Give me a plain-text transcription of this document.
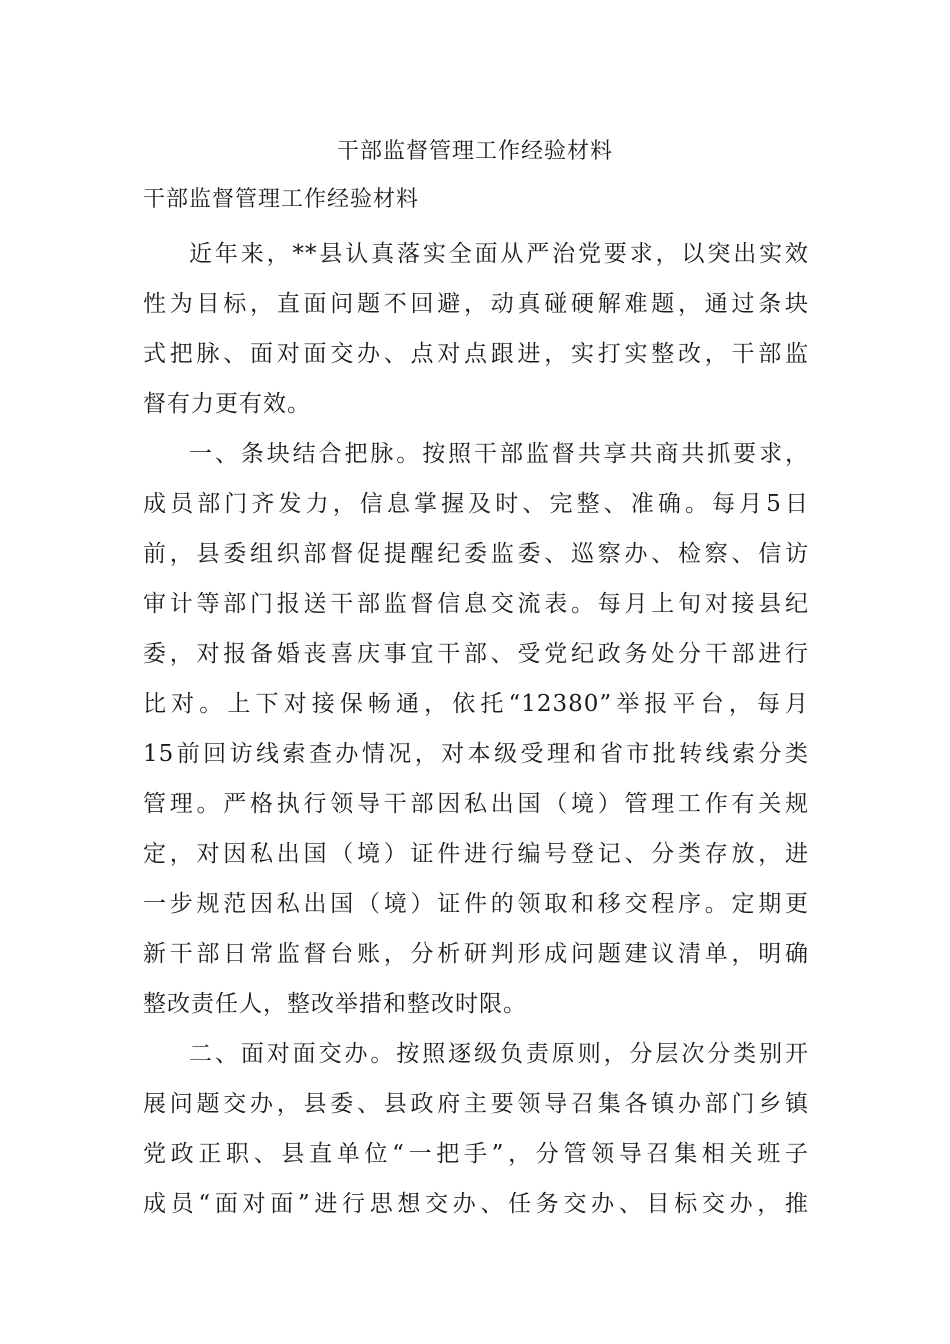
干部监督管理工作经验材料
干部监督管理工作经验材料
近年来，**县认真落实全面从严治党要求，以突出实效
性为目标，直面问题不回避，动真碰硬解难题，通过条块
式把脉、面对面交办、点对点跟进，实打实整改，干部监
督有力更有效。
一、条块结合把脉。按照干部监督共享共商共抓要求，
成员部门齐发力，信息掌握及时、完整、准确。每月5日
前，县委组织部督促提醒纪委监委、巡察办、检察、信访
审计等部门报送干部监督信息交流表。每月上旬对接县纪
委，对报备婚丧喜庆事宜干部、受党纪政务处分干部进行
比对。上下对接保畅通，依托“12380”举报平台，每月
15前回访线索查办情况，对本级受理和省市批转线索分类
管理。严格执行领导干部因私出国（境）管理工作有关规
定，对因私出国（境）证件进行编号登记、分类存放，进
一步规范因私出国（境）证件的领取和移交程序。定期更
新干部日常监督台账，分析研判形成问题建议清单，明确
整改责任人，整改举措和整改时限。
二、面对面交办。按照逐级负责原则，分层次分类别开
展问题交办，县委、县政府主要领导召集各镇办部门乡镇
党政正职、县直单位“一把手”，分管领导召集相关班子
成员“面对面”进行思想交办、任务交办、目标交办，推
